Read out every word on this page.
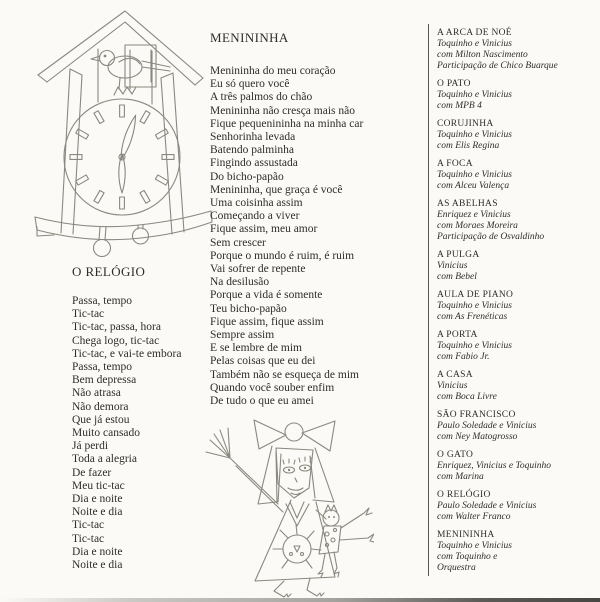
O RELÓGIO
Passa, tempo
Tic-tac
Tic-tac, passa, hora
Chega logo, tic-tac
Tic-tac, e vai-te embora
Passa, tempo
Bem depressa
Não atrasa
Não demora
Que já estou
Muito cansado
Já perdi
Toda a alegria
De fazer
Meu tic-tac
Dia e noite
Noite e dia
Tic-tac
Tic-tac
Dia e noite
Noite e dia
MENININHA
Menininha do meu coração
Eu só quero você
A três palmos do chão
Menininha não cresça mais não
Fique pequenininha na minha car
Senhorinha levada
Batendo palminha
Fingindo assustada
Do bicho-papão
Menininha, que graça é você
Uma coisinha assim
Começando a viver
Fique assim, meu amor
Sem crescer
Porque o mundo é ruim, é ruim
Vai sofrer de repente
Na desilusão
Porque a vida é somente
Teu bicho-papão
Fique assim, fique assim
Sempre assim
E se lembre de mim
Pelas coisas que eu dei
Também não se esqueça de mim
Quando você souber enfim
De tudo o que eu amei
A ARCA DE NOÉ
Toquinho e Vinicius
com Milton Nascimento
Participação de Chico Buarque
O PATO
Toquinho e Vinicius
com MPB 4
CORUJINHA
Toquinho e Vinicius
com Elis Regina
A FOCA
Toquinho e Vinicius
com Alceu Valença
AS ABELHAS
Enriquez e Vinicius
com Moraes Moreira
Participação de Osvaldinho
A PULGA
Vinicius
com Bebel
AULA DE PIANO
Toquinho e Vinicius
com As Frenéticas
A PORTA
Toquinho e Vinicius
com Fabio Jr.
A CASA
Vinicius
com Boca Livre
SÃO FRANCISCO
Paulo Soledade e Vinicius
com Ney Matogrosso
O GATO
Enriquez, Vinicius e Toquinho
com Marina
O RELÓGIO
Paulo Soledade e Vinicius
com Walter Franco
MENININHA
Toquinho e Vinicius
com Toquinho e
Orquestra
